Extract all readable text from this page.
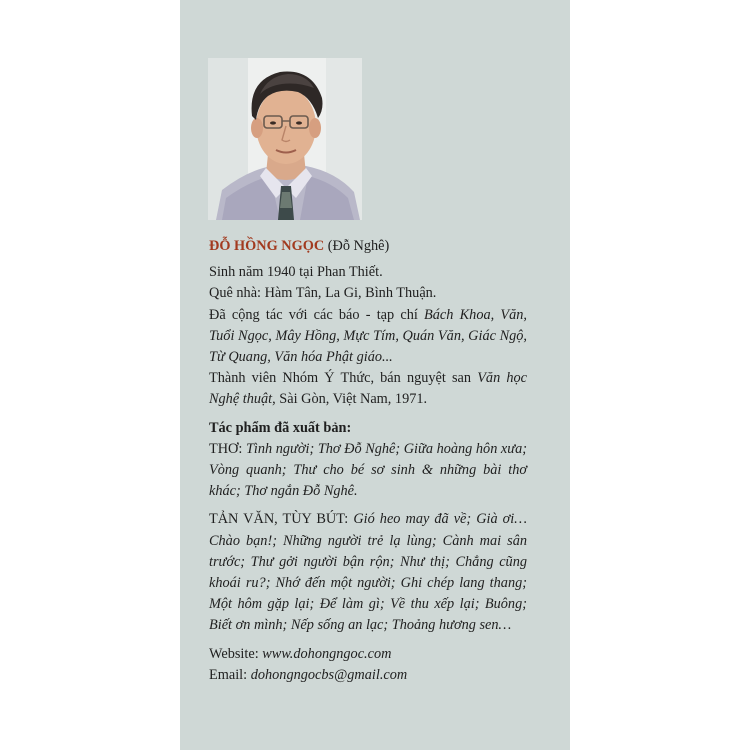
ĐỖ HỒNG NGỌC (Đỗ Nghê)

Sinh năm 1940 tại Phan Thiết.

Quê nhà: Hàm Tân, La Gi, Bình Thuận.

Đã cộng tác với các báo - tạp chí Bách Khoa, Văn, Tuổi Ngọc, Mây Hồng, Mực Tím, Quán Văn, Giác Ngộ, Từ Quang, Văn hóa Phật giáo...

Thành viên Nhóm Ý Thức, bán nguyệt san Văn học Nghệ thuật, Sài Gòn, Việt Nam, 1971.

Tác phẩm đã xuất bản:

THƠ: Tình người; Thơ Đỗ Nghê; Giữa hoàng hôn xưa; Vòng quanh; Thư cho bé sơ sinh & những bài thơ khác; Thơ ngắn Đỗ Nghê.

TẢN VĂN, TÙY BÚT: Gió heo may đã về; Già ơi… Chào bạn!; Những người trẻ lạ lùng; Cành mai sân trước; Thư gởi người bận rộn; Như thị; Chẳng cũng khoái ru?; Nhớ đến một người; Ghi chép lang thang; Một hôm gặp lại; Để làm gì; Về thu xếp lại; Buông; Biết ơn mình; Nếp sống an lạc; Thoảng hương sen…

Website: www.dohongngoc.com

Email: dohongngocbs@gmail.com
